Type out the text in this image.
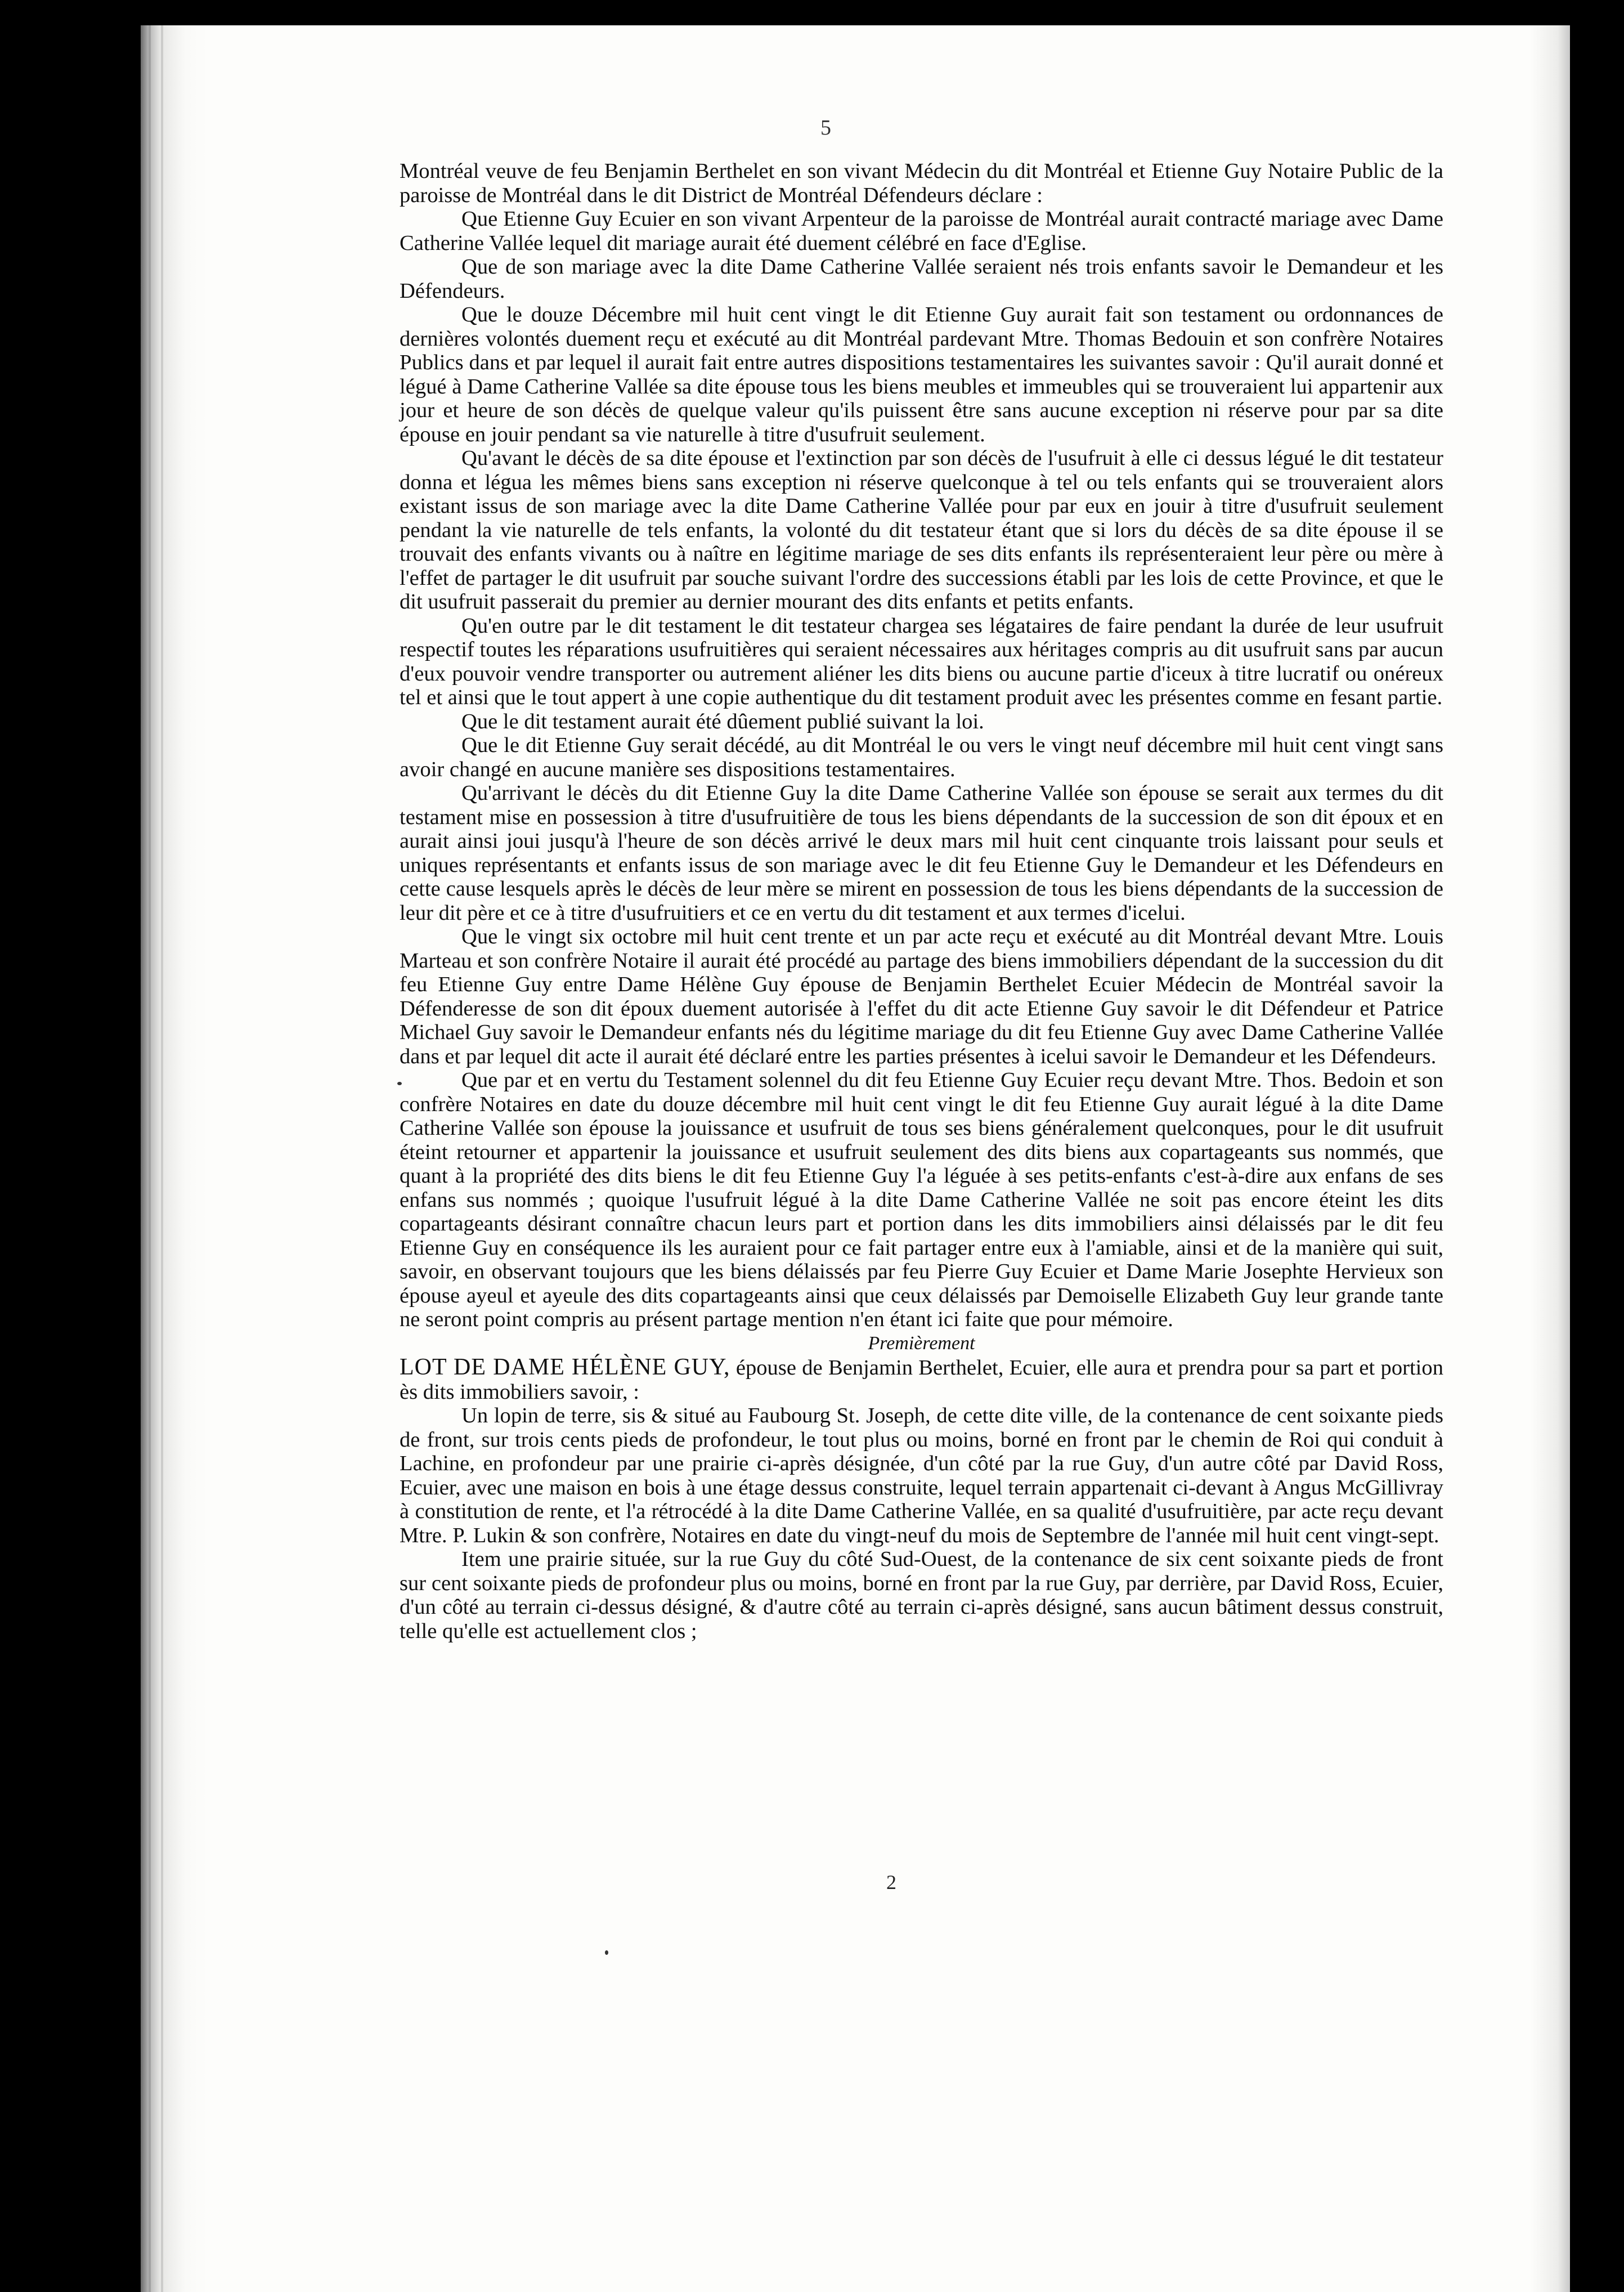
5

Montréal veuve de feu Benjamin Berthelet en son vivant Médecin du dit Montréal et Etienne Guy Notaire Public de la paroisse de Montréal dans le dit District de Montréal Défendeurs déclare :

Que Etienne Guy Ecuier en son vivant Arpenteur de la paroisse de Montréal aurait contracté mariage avec Dame Catherine Vallée lequel dit mariage aurait été duement célébré en face d'Eglise.

Que de son mariage avec la dite Dame Catherine Vallée seraient nés trois enfants savoir le Demandeur et les Défendeurs.

Que le douze Décembre mil huit cent vingt le dit Etienne Guy aurait fait son testament ou ordonnances de dernières volontés duement reçu et exécuté au dit Montréal pardevant Mtre. Thomas Bedouin et son confrère Notaires Publics dans et par lequel il aurait fait entre autres dispositions testamentaires les suivantes savoir : Qu'il aurait donné et légué à Dame Catherine Vallée sa dite épouse tous les biens meubles et immeubles qui se trouveraient lui appartenir aux jour et heure de son décès de quelque valeur qu'ils puissent être sans aucune exception ni réserve pour par sa dite épouse en jouir pendant sa vie naturelle à titre d'usufruit seulement.

Qu'avant le décès de sa dite épouse et l'extinction par son décès de l'usufruit à elle ci dessus légué le dit testateur donna et légua les mêmes biens sans exception ni réserve quelconque à tel ou tels enfants qui se trouveraient alors existant issus de son mariage avec la dite Dame Catherine Vallée pour par eux en jouir à titre d'usufruit seulement pendant la vie naturelle de tels enfants, la volonté du dit testateur étant que si lors du décès de sa dite épouse il se trouvait des enfants vivants ou à naître en légitime mariage de ses dits enfants ils représenteraient leur père ou mère à l'effet de partager le dit usufruit par souche suivant l'ordre des successions établi par les lois de cette Province, et que le dit usufruit passerait du premier au dernier mourant des dits enfants et petits enfants.

Qu'en outre par le dit testament le dit testateur chargea ses légataires de faire pendant la durée de leur usufruit respectif toutes les réparations usufruitières qui seraient nécessaires aux héritages compris au dit usufruit sans par aucun d'eux pouvoir vendre transporter ou autrement aliéner les dits biens ou aucune partie d'iceux à titre lucratif ou onéreux tel et ainsi que le tout appert à une copie authentique du dit testament produit avec les présentes comme en fesant partie.

Que le dit testament aurait été dûement publié suivant la loi.

Que le dit Etienne Guy serait décédé, au dit Montréal le ou vers le vingt neuf décembre mil huit cent vingt sans avoir changé en aucune manière ses dispositions testamentaires.

Qu'arrivant le décès du dit Etienne Guy la dite Dame Catherine Vallée son épouse se serait aux termes du dit testament mise en possession à titre d'usufruitière de tous les biens dépendants de la succession de son dit époux et en aurait ainsi joui jusqu'à l'heure de son décès arrivé le deux mars mil huit cent cinquante trois laissant pour seuls et uniques représentants et enfants issus de son mariage avec le dit feu Etienne Guy le Demandeur et les Défendeurs en cette cause lesquels après le décès de leur mère se mirent en possession de tous les biens dépendants de la succession de leur dit père et ce à titre d'usufruitiers et ce en vertu du dit testament et aux termes d'icelui.

Que le vingt six octobre mil huit cent trente et un par acte reçu et exécuté au dit Montréal devant Mtre. Louis Marteau et son confrère Notaire il aurait été procédé au partage des biens immobiliers dépendant de la succession du dit feu Etienne Guy entre Dame Hélène Guy épouse de Benjamin Berthelet Ecuier Médecin de Montréal savoir la Défenderesse de son dit époux duement autorisée à l'effet du dit acte Etienne Guy savoir le dit Défendeur et Patrice Michael Guy savoir le Demandeur enfants nés du légitime mariage du dit feu Etienne Guy avec Dame Catherine Vallée dans et par lequel dit acte il aurait été déclaré entre les parties présentes à icelui savoir le Demandeur et les Défendeurs.

Que par et en vertu du Testament solennel du dit feu Etienne Guy Ecuier reçu devant Mtre. Thos. Bedoin et son confrère Notaires en date du douze décembre mil huit cent vingt le dit feu Etienne Guy aurait légué à la dite Dame Catherine Vallée son épouse la jouissance et usufruit de tous ses biens généralement quelconques, pour le dit usufruit éteint retourner et appartenir la jouissance et usufruit seulement des dits biens aux copartageants sus nommés, que quant à la propriété des dits biens le dit feu Etienne Guy l'a léguée à ses petits-enfants c'est-à-dire aux enfans de ses enfans sus nommés ; quoique l'usufruit légué à la dite Dame Catherine Vallée ne soit pas encore éteint les dits copartageants désirant connaître chacun leurs part et portion dans les dits immobiliers ainsi délaissés par le dit feu Etienne Guy en conséquence ils les auraient pour ce fait partager entre eux à l'amiable, ainsi et de la manière qui suit, savoir, en observant toujours que les biens délaissés par feu Pierre Guy Ecuier et Dame Marie Josephte Hervieux son épouse ayeul et ayeule des dits copartageants ainsi que ceux délaissés par Demoiselle Elizabeth Guy leur grande tante ne seront point compris au présent partage mention n'en étant ici faite que pour mémoire.

Premièrement

LOT DE DAME HÉLÈNE GUY, épouse de Benjamin Berthelet, Ecuier, elle aura et prendra pour sa part et portion ès dits immobiliers savoir, :

Un lopin de terre, sis & situé au Faubourg St. Joseph, de cette dite ville, de la contenance de cent soixante pieds de front, sur trois cents pieds de profondeur, le tout plus ou moins, borné en front par le chemin de Roi qui conduit à Lachine, en profondeur par une prairie ci-après désignée, d'un côté par la rue Guy, d'un autre côté par David Ross, Ecuier, avec une maison en bois à une étage dessus construite, lequel terrain appartenait ci-devant à Angus McGillivray à constitution de rente, et l'a rétrocédé à la dite Dame Catherine Vallée, en sa qualité d'usufruitière, par acte reçu devant Mtre. P. Lukin & son confrère, Notaires en date du vingt-neuf du mois de Septembre de l'année mil huit cent vingt-sept.

Item une prairie située, sur la rue Guy du côté Sud-Ouest, de la contenance de six cent soixante pieds de front sur cent soixante pieds de profondeur plus ou moins, borné en front par la rue Guy, par derrière, par David Ross, Ecuier, d'un côté au terrain ci-dessus désigné, & d'autre côté au terrain ci-après désigné, sans aucun bâtiment dessus construit, telle qu'elle est actuellement clos ;

2
